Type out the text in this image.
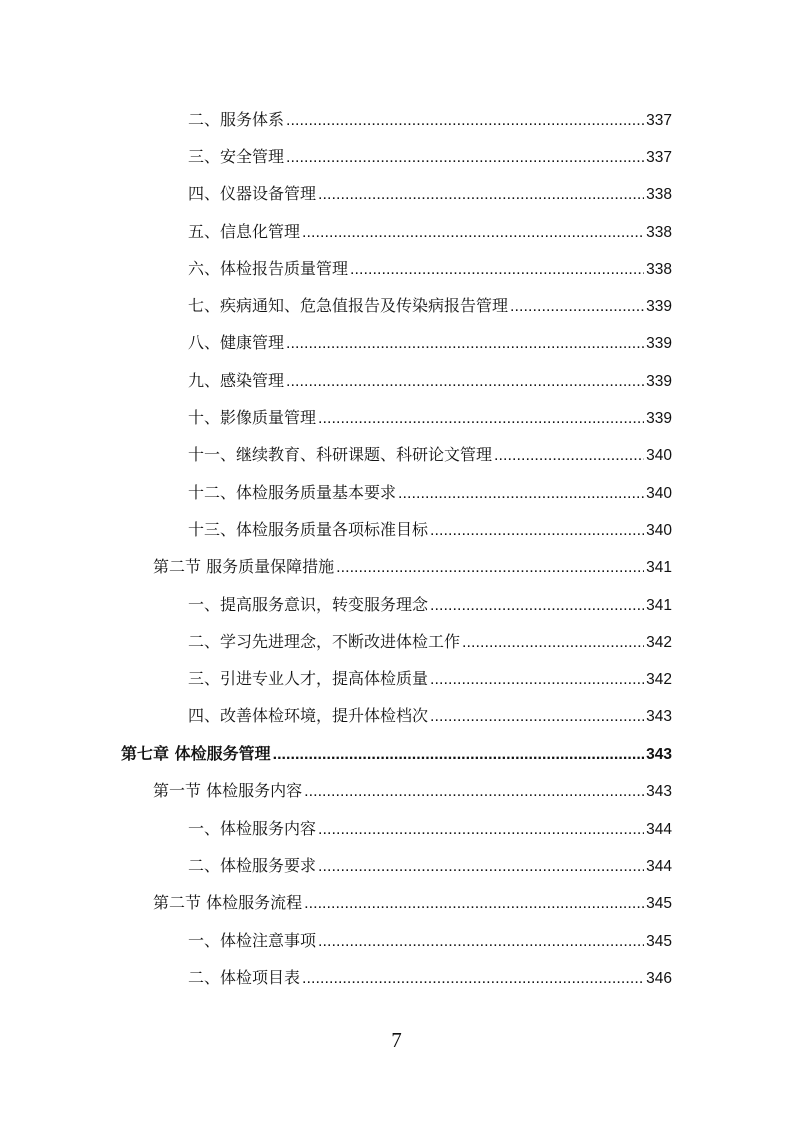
二、服务体系 . . .	337
三、安全管理 . . .	337
四、仪器设备管理 . . .	338
五、信息化管理 . . .	338
六、体检报告质量管理 . . .	338
七、疾病通知、危急值报告及传染病报告管理 . . .	339
八、健康管理 . . .	339
九、感染管理 . . .	339
十、影像质量管理 . . .	339
十一、继续教育、科研课题、科研论文管理 . . .	340
十二、体检服务质量基本要求 . . .	340
十三、体检服务质量各项标准目标 . . .	340
第二节 服务质量保障措施 . . .	341
一、提高服务意识，转变服务理念 . . .	341
二、学习先进理念，不断改进体检工作 . . .	342
三、引进专业人才，提高体检质量 . . .	342
四、改善体检环境，提升体检档次 . . .	343
第七章 体检服务管理 . . .	343
第一节 体检服务内容 . . .	343
一、体检服务内容 . . .	344
二、体检服务要求 . . .	344
第二节 体检服务流程 . . .	345
一、体检注意事项 . . .	345
二、体检项目表 . . .	346
7
